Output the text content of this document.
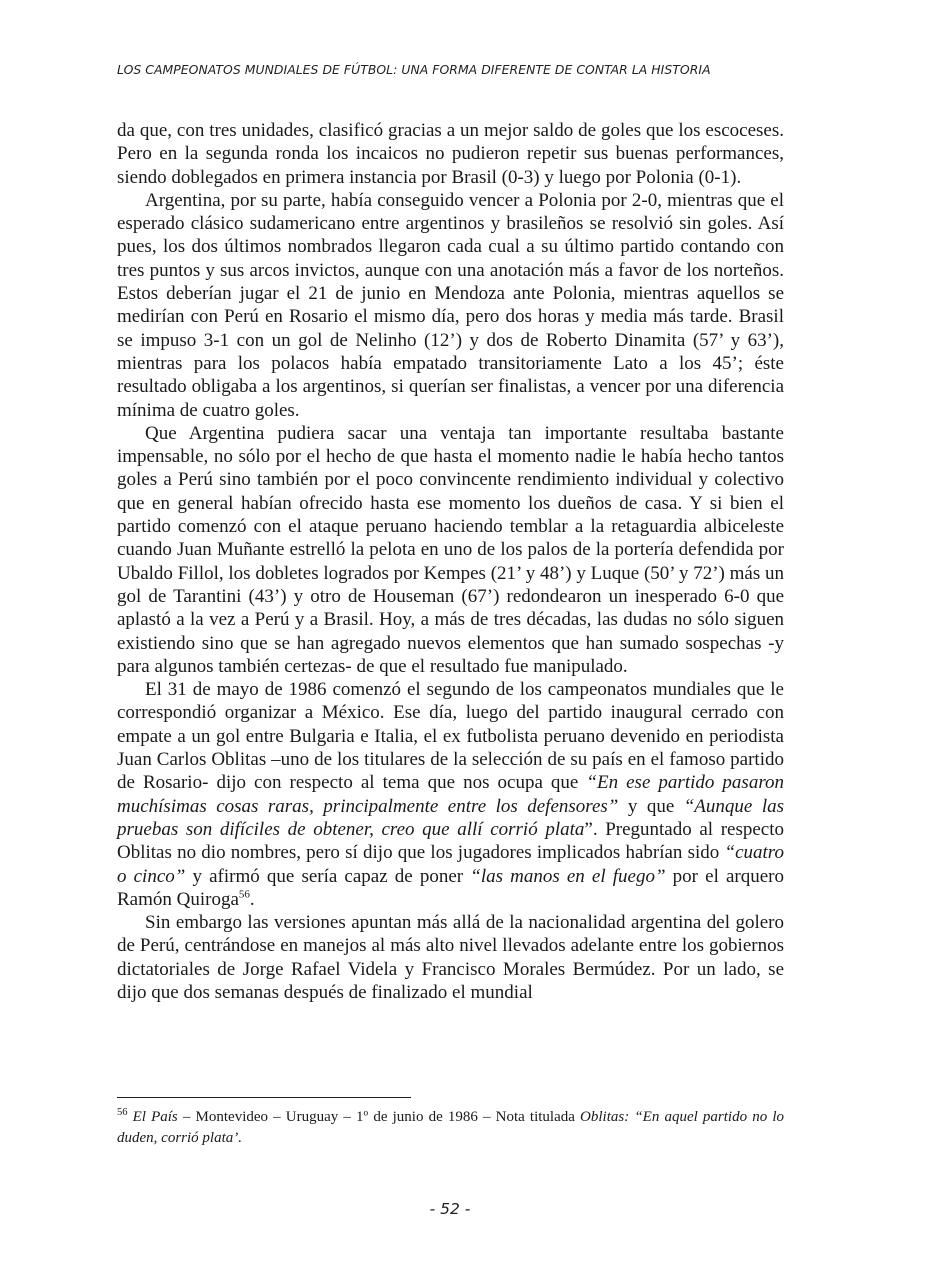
LOS CAMPEONATOS MUNDIALES DE FÚTBOL: UNA FORMA DIFERENTE DE CONTAR LA HISTORIA

da que, con tres unidades, clasificó gracias a un mejor saldo de goles que los escoceses. Pero en la segunda ronda los incaicos no pudieron repetir sus buenas performances, siendo doblegados en primera instancia por Brasil (0-3) y luego por Polonia (0-1).

Argentina, por su parte, había conseguido vencer a Polonia por 2-0, mientras que el esperado clásico sudamericano entre argentinos y brasileños se resolvió sin goles. Así pues, los dos últimos nombrados llegaron cada cual a su último partido contando con tres puntos y sus arcos invictos, aunque con una anotación más a favor de los norteños. Estos deberían jugar el 21 de junio en Mendoza ante Polonia, mientras aquellos se medirían con Perú en Rosario el mismo día, pero dos horas y media más tarde. Brasil se impuso 3-1 con un gol de Nelinho (12’) y dos de Roberto Dinamita (57’ y 63’), mientras para los polacos había empatado transitoriamente Lato a los 45’; éste resultado obligaba a los argentinos, si querían ser finalistas, a vencer por una diferencia mínima de cuatro goles.

Que Argentina pudiera sacar una ventaja tan importante resultaba bastante impensable, no sólo por el hecho de que hasta el momento nadie le había hecho tantos goles a Perú sino también por el poco convincente rendimiento individual y colectivo que en general habían ofrecido hasta ese momento los dueños de casa. Y si bien el partido comenzó con el ataque peruano haciendo temblar a la retaguardia albiceleste cuando Juan Muñante estrelló la pelota en uno de los palos de la portería defendida por Ubaldo Fillol, los dobletes logrados por Kempes (21’ y 48’) y Luque (50’ y 72’) más un gol de Tarantini (43’) y otro de Houseman (67’) redondearon un inesperado 6-0 que aplastó a la vez a Perú y a Brasil. Hoy, a más de tres décadas, las dudas no sólo siguen existiendo sino que se han agregado nuevos elementos que han sumado sospechas -y para algunos también certezas- de que el resultado fue manipulado.

El 31 de mayo de 1986 comenzó el segundo de los campeonatos mundiales que le correspondió organizar a México. Ese día, luego del partido inaugural cerrado con empate a un gol entre Bulgaria e Italia, el ex futbolista peruano devenido en periodista Juan Carlos Oblitas –uno de los titulares de la selección de su país en el famoso partido de Rosario- dijo con respecto al tema que nos ocupa que “En ese partido pasaron muchísimas cosas raras, principalmente entre los defensores” y que “Aunque las pruebas son difíciles de obtener, creo que allí corrió plata”. Preguntado al respecto Oblitas no dio nombres, pero sí dijo que los jugadores implicados habrían sido “cuatro o cinco” y afirmó que sería capaz de poner “las manos en el fuego” por el arquero Ramón Quiroga$^{56}$.

Sin embargo las versiones apuntan más allá de la nacionalidad argentina del golero de Perú, centrándose en manejos al más alto nivel llevados adelante entre los gobiernos dictatoriales de Jorge Rafael Videla y Francisco Morales Bermúdez. Por un lado, se dijo que dos semanas después de finalizado el mundial

$^{56}$ El País – Montevideo – Uruguay – 1º de junio de 1986 – Nota titulada Oblitas: “En aquel partido no lo duden, corrió plata’.
- 52 -
